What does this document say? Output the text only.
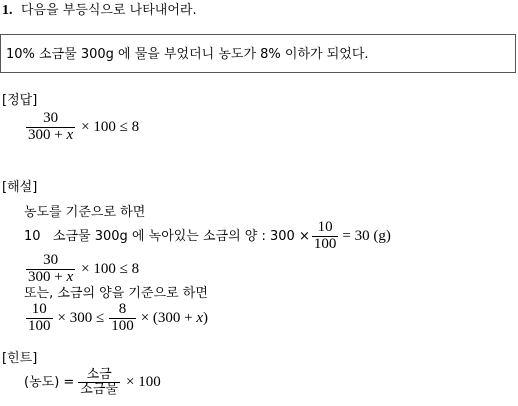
1. 다음을 부등식으로 나타내어라.
10% 소금물 300g 에 물을 부었더니 농도가 8% 이하가 되었다.
[정답]
$\frac{30}{300 + x} \times 100 \le 8$
[해설]
농도를 기준으로 하면
10   소금물 300g 에 녹아있는 소금의 양 : $300 \times \frac{10}{100} = 30$ (g)
$\frac{30}{300 + x} \times 100 \le 8$
또는, 소금의 양을 기준으로 하면
$\frac{10}{100} \times 300 \le \frac{8}{100} \times (300 + x)$
[힌트]
(농도) = $\frac{\text{소금}}{\text{소금물}} \times 100$
